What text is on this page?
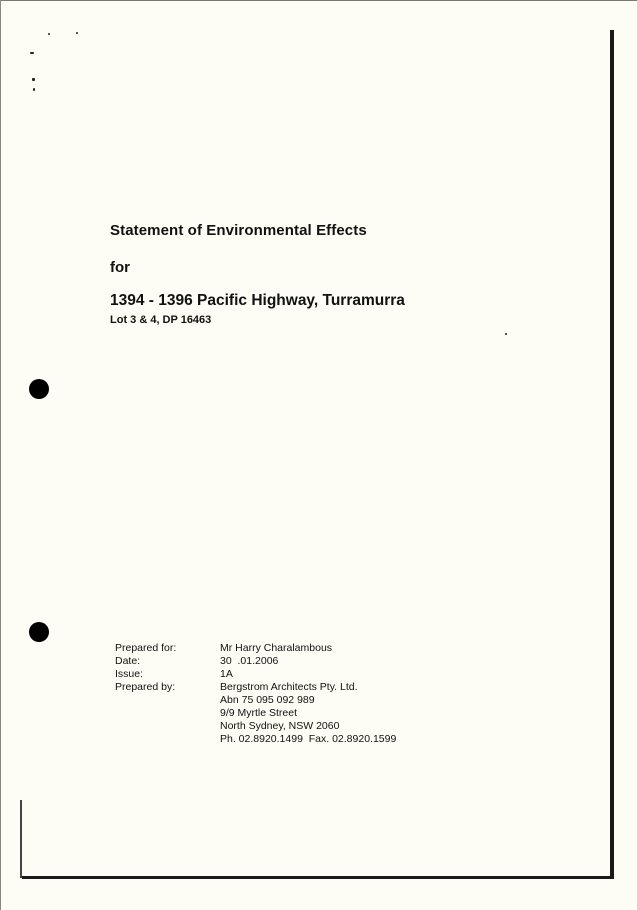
Statement of Environmental Effects
for
1394 - 1396 Pacific Highway, Turramurra
Lot 3 & 4, DP 16463
Prepared for:	Mr Harry Charalambous
Date:	30  .01.2006
Issue:	1A
Prepared by:	Bergstrom Architects Pty. Ltd.
Abn 75 095 092 989
9/9 Myrtle Street
North Sydney, NSW 2060
Ph. 02.8920.1499  Fax. 02.8920.1599
